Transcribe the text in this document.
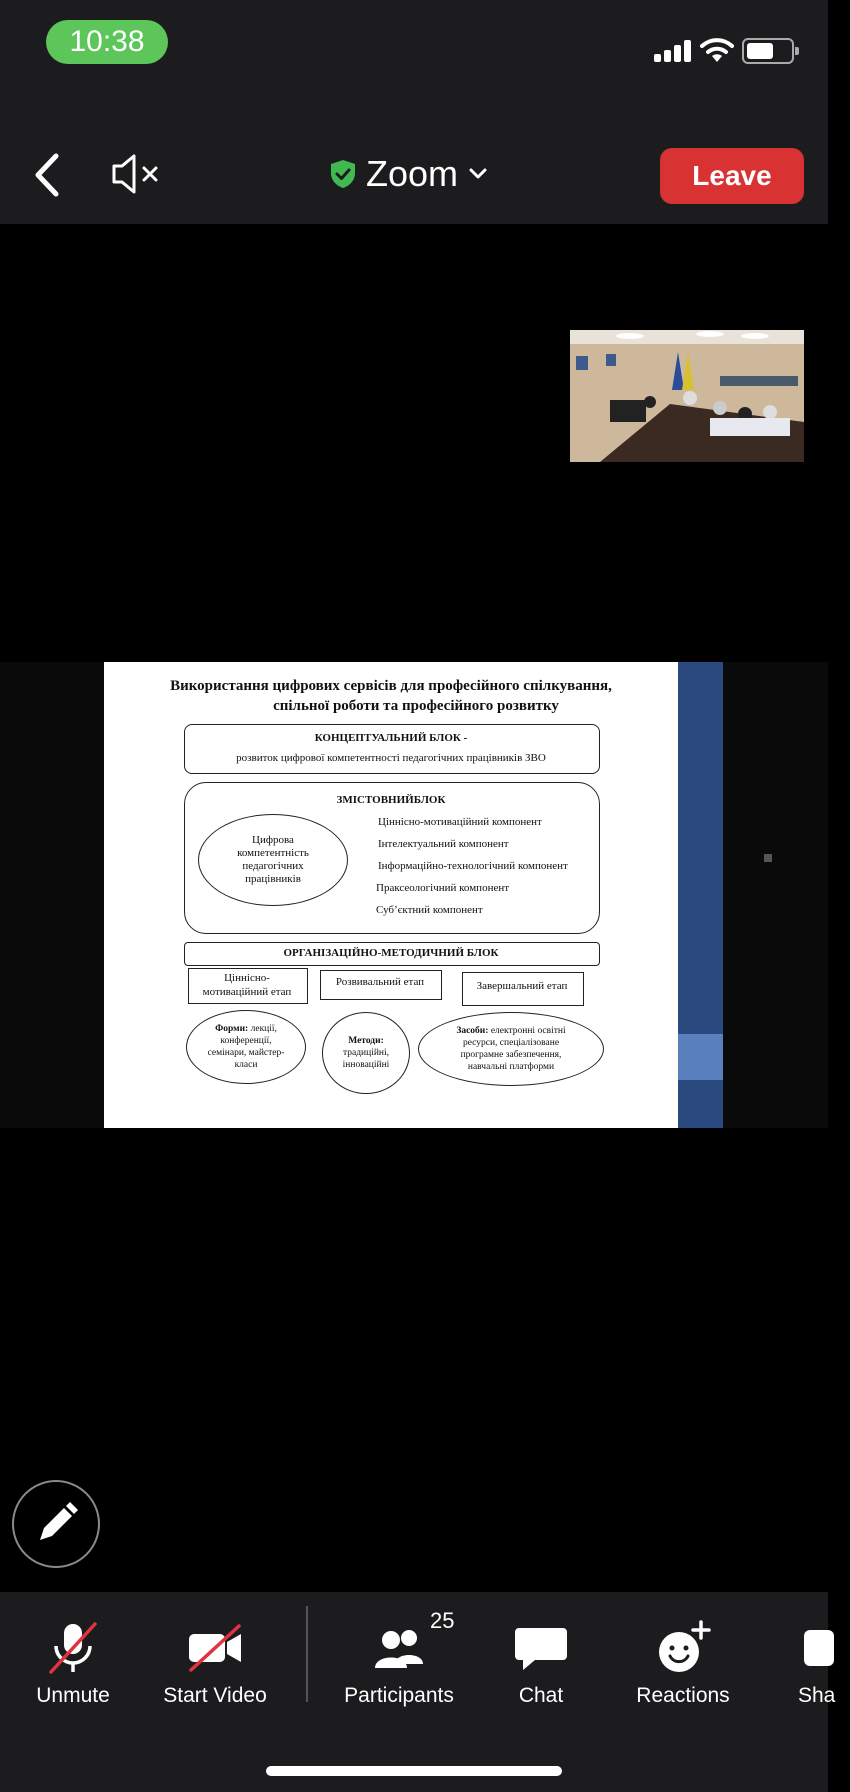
10:38
Zoom	Leave
Використання цифрових сервісів для професійного спілкування,
спільної роботи та професійного розвитку
КОНЦЕПТУАЛЬНИЙ БЛОК -
розвиток цифрової компетентності педагогічних працівників ЗВО
ЗМІСТОВНИЙБЛОК
Цифрова компетентність педагогічних працівників
Ціннісно-мотиваційний компонент
Інтелектуальний компонент
Інформаційно-технологічний компонент
Праксеологічний компонент
Суб’єктний компонент
ОРГАНІЗАЦІЙНО-МЕТОДИЧНИЙ БЛОК
Ціннісно-мотиваційний етап
Розвивальний етап	Завершальний етап
Форми: лекції, конференції, семінари, майстер-класи
Методи: традиційні, інноваційні
Засоби: електронні освітні ресурси, спеціалізоване програмне забезпечення, навчальні платформи
Unmute	Start Video
25
Participants	Chat	Reactions	Sha
